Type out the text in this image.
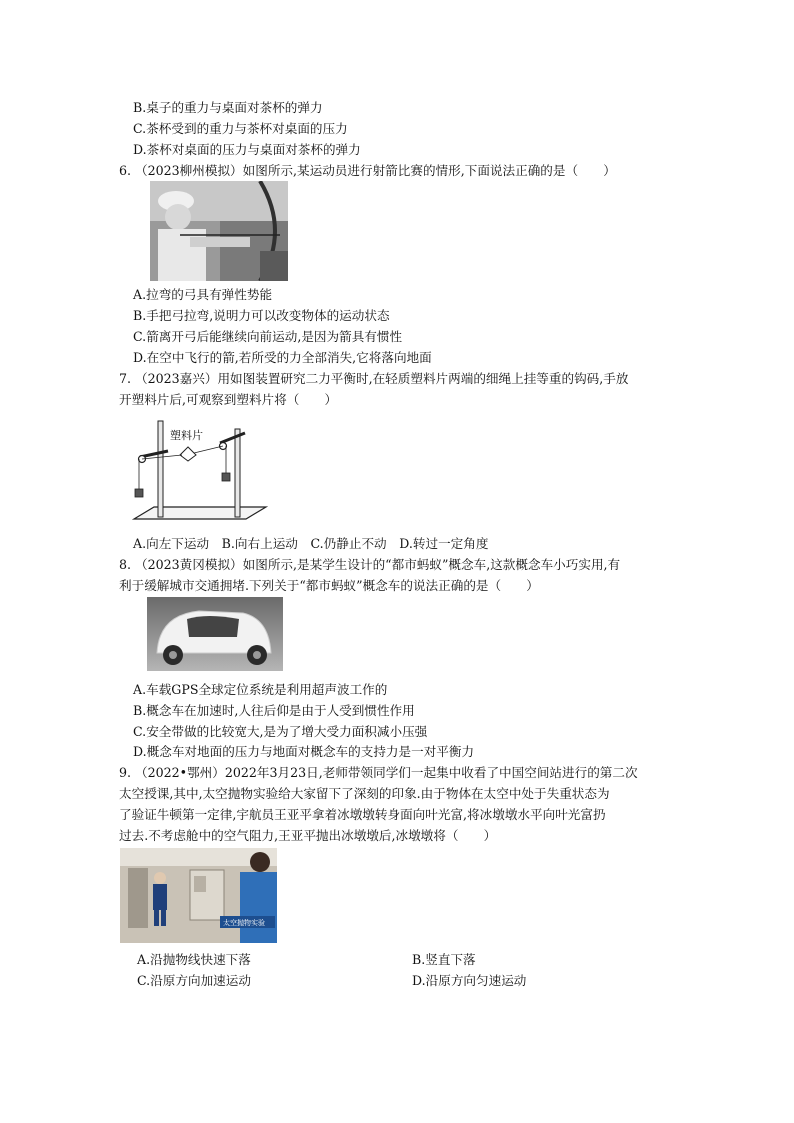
B.桌子的重力与桌面对茶杯的弹力
C.茶杯受到的重力与茶杯对桌面的压力
D.茶杯对桌面的压力与桌面对茶杯的弹力
6. （2023柳州模拟）如图所示,某运动员进行射箭比赛的情形,下面说法正确的是（　　）
A.拉弯的弓具有弹性势能
B.手把弓拉弯,说明力可以改变物体的运动状态
C.箭离开弓后能继续向前运动,是因为箭具有惯性
D.在空中飞行的箭,若所受的力全部消失,它将落向地面
7. （2023嘉兴）用如图装置研究二力平衡时,在轻质塑料片两端的细绳上挂等重的钩码,手放
开塑料片后,可观察到塑料片将（　　）
塑料片
A.向左下运动　B.向右上运动　C.仍静止不动　D.转过一定角度
8. （2023黄冈模拟）如图所示,是某学生设计的“都市蚂蚁”概念车,这款概念车小巧实用,有
利于缓解城市交通拥堵.下列关于“都市蚂蚁”概念车的说法正确的是（　　）
A.车载GPS全球定位系统是利用超声波工作的
B.概念车在加速时,人往后仰是由于人受到惯性作用
C.安全带做的比较宽大,是为了增大受力面积减小压强
D.概念车对地面的压力与地面对概念车的支持力是一对平衡力
9. （2022•鄂州）2022年3月23日,老师带领同学们一起集中收看了中国空间站进行的第二次
太空授课,其中,太空抛物实验给大家留下了深刻的印象.由于物体在太空中处于失重状态为
了验证牛顿第一定律,宇航员王亚平拿着冰墩墩转身面向叶光富,将冰墩墩水平向叶光富扔
过去.不考虑舱中的空气阻力,王亚平抛出冰墩墩后,冰墩墩将（　　）
太空抛物实验
A.沿抛物线快速下落	B.竖直下落
C.沿原方向加速运动	D.沿原方向匀速运动
